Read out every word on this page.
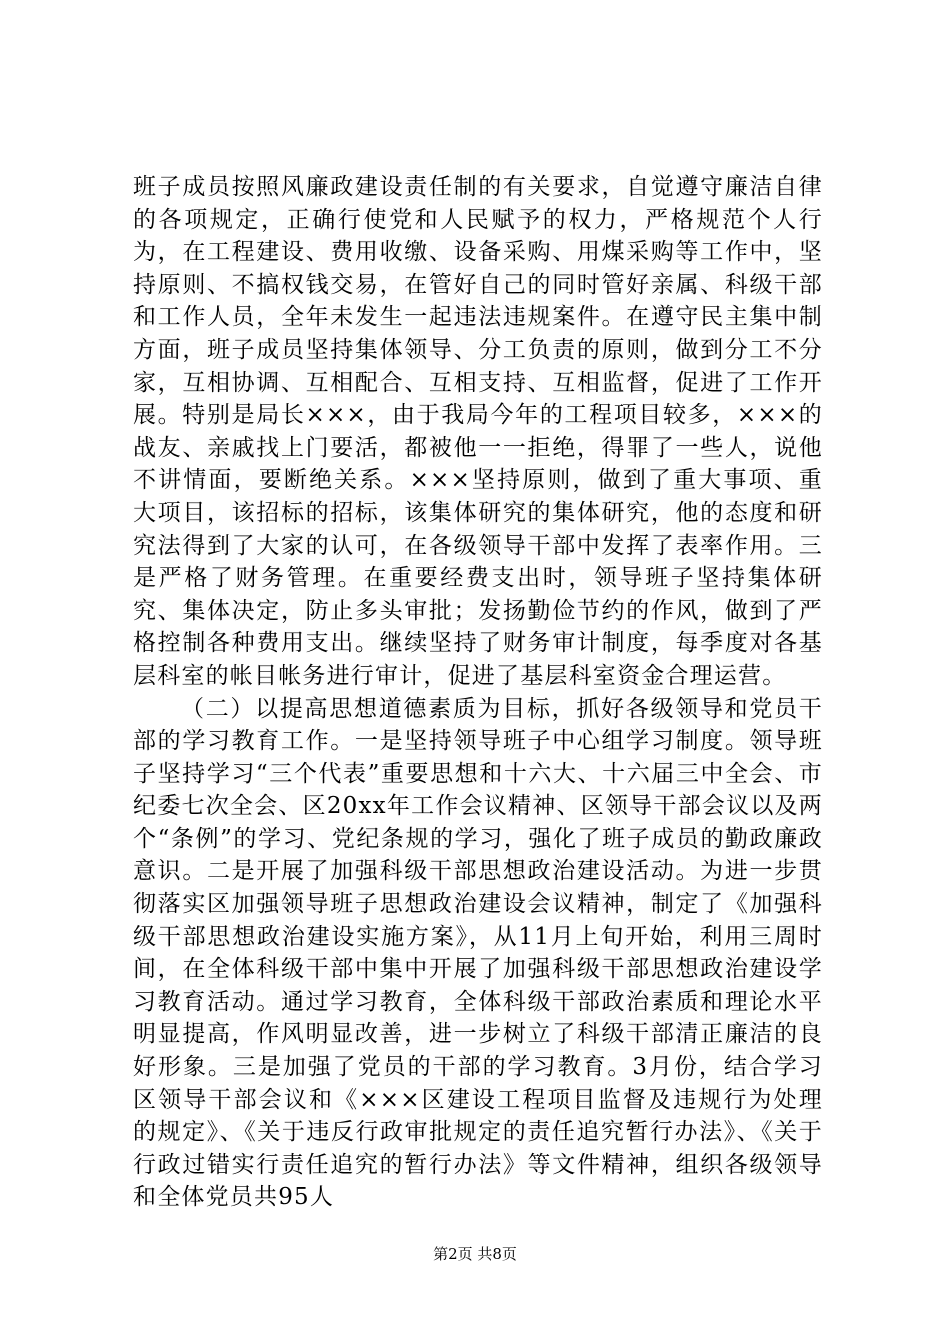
班子成员按照风廉政建设责任制的有关要求，自觉遵守廉洁自律的各项规定，正确行使党和人民赋予的权力，严格规范个人行为，在工程建设、费用收缴、设备采购、用煤采购等工作中，坚持原则、不搞权钱交易，在管好自己的同时管好亲属、科级干部和工作人员，全年未发生一起违法违规案件。在遵守民主集中制方面，班子成员坚持集体领导、分工负责的原则，做到分工不分家，互相协调、互相配合、互相支持、互相监督，促进了工作开展。特别是局长×××，由于我局今年的工程项目较多，×××的战友、亲戚找上门要活，都被他一一拒绝，得罪了一些人，说他不讲情面，要断绝关系。×××坚持原则，做到了重大事项、重大项目，该招标的招标，该集体研究的集体研究，他的态度和研究法得到了大家的认可，在各级领导干部中发挥了表率作用。三是严格了财务管理。在重要经费支出时，领导班子坚持集体研究、集体决定，防止多头审批；发扬勤俭节约的作风，做到了严格控制各种费用支出。继续坚持了财务审计制度，每季度对各基层科室的帐目帐务进行审计，促进了基层科室资金合理运营。

（二）以提高思想道德素质为目标，抓好各级领导和党员干部的学习教育工作。一是坚持领导班子中心组学习制度。领导班子坚持学习“三个代表”重要思想和十六大、十六届三中全会、市纪委七次全会、区20xx年工作会议精神、区领导干部会议以及两个“条例”的学习、党纪条规的学习，强化了班子成员的勤政廉政意识。二是开展了加强科级干部思想政治建设活动。为进一步贯彻落实区加强领导班子思想政治建设会议精神，制定了《加强科级干部思想政治建设实施方案》，从11月上旬开始，利用三周时间，在全体科级干部中集中开展了加强科级干部思想政治建设学习教育活动。通过学习教育，全体科级干部政治素质和理论水平明显提高，作风明显改善，进一步树立了科级干部清正廉洁的良好形象。三是加强了党员的干部的学习教育。3月份，结合学习区领导干部会议和《×××区建设工程项目监督及违规行为处理的规定》、《关于违反行政审批规定的责任追究暂行办法》、《关于行政过错实行责任追究的暂行办法》等文件精神，组织各级领导和全体党员共95人

第2页 共8页
